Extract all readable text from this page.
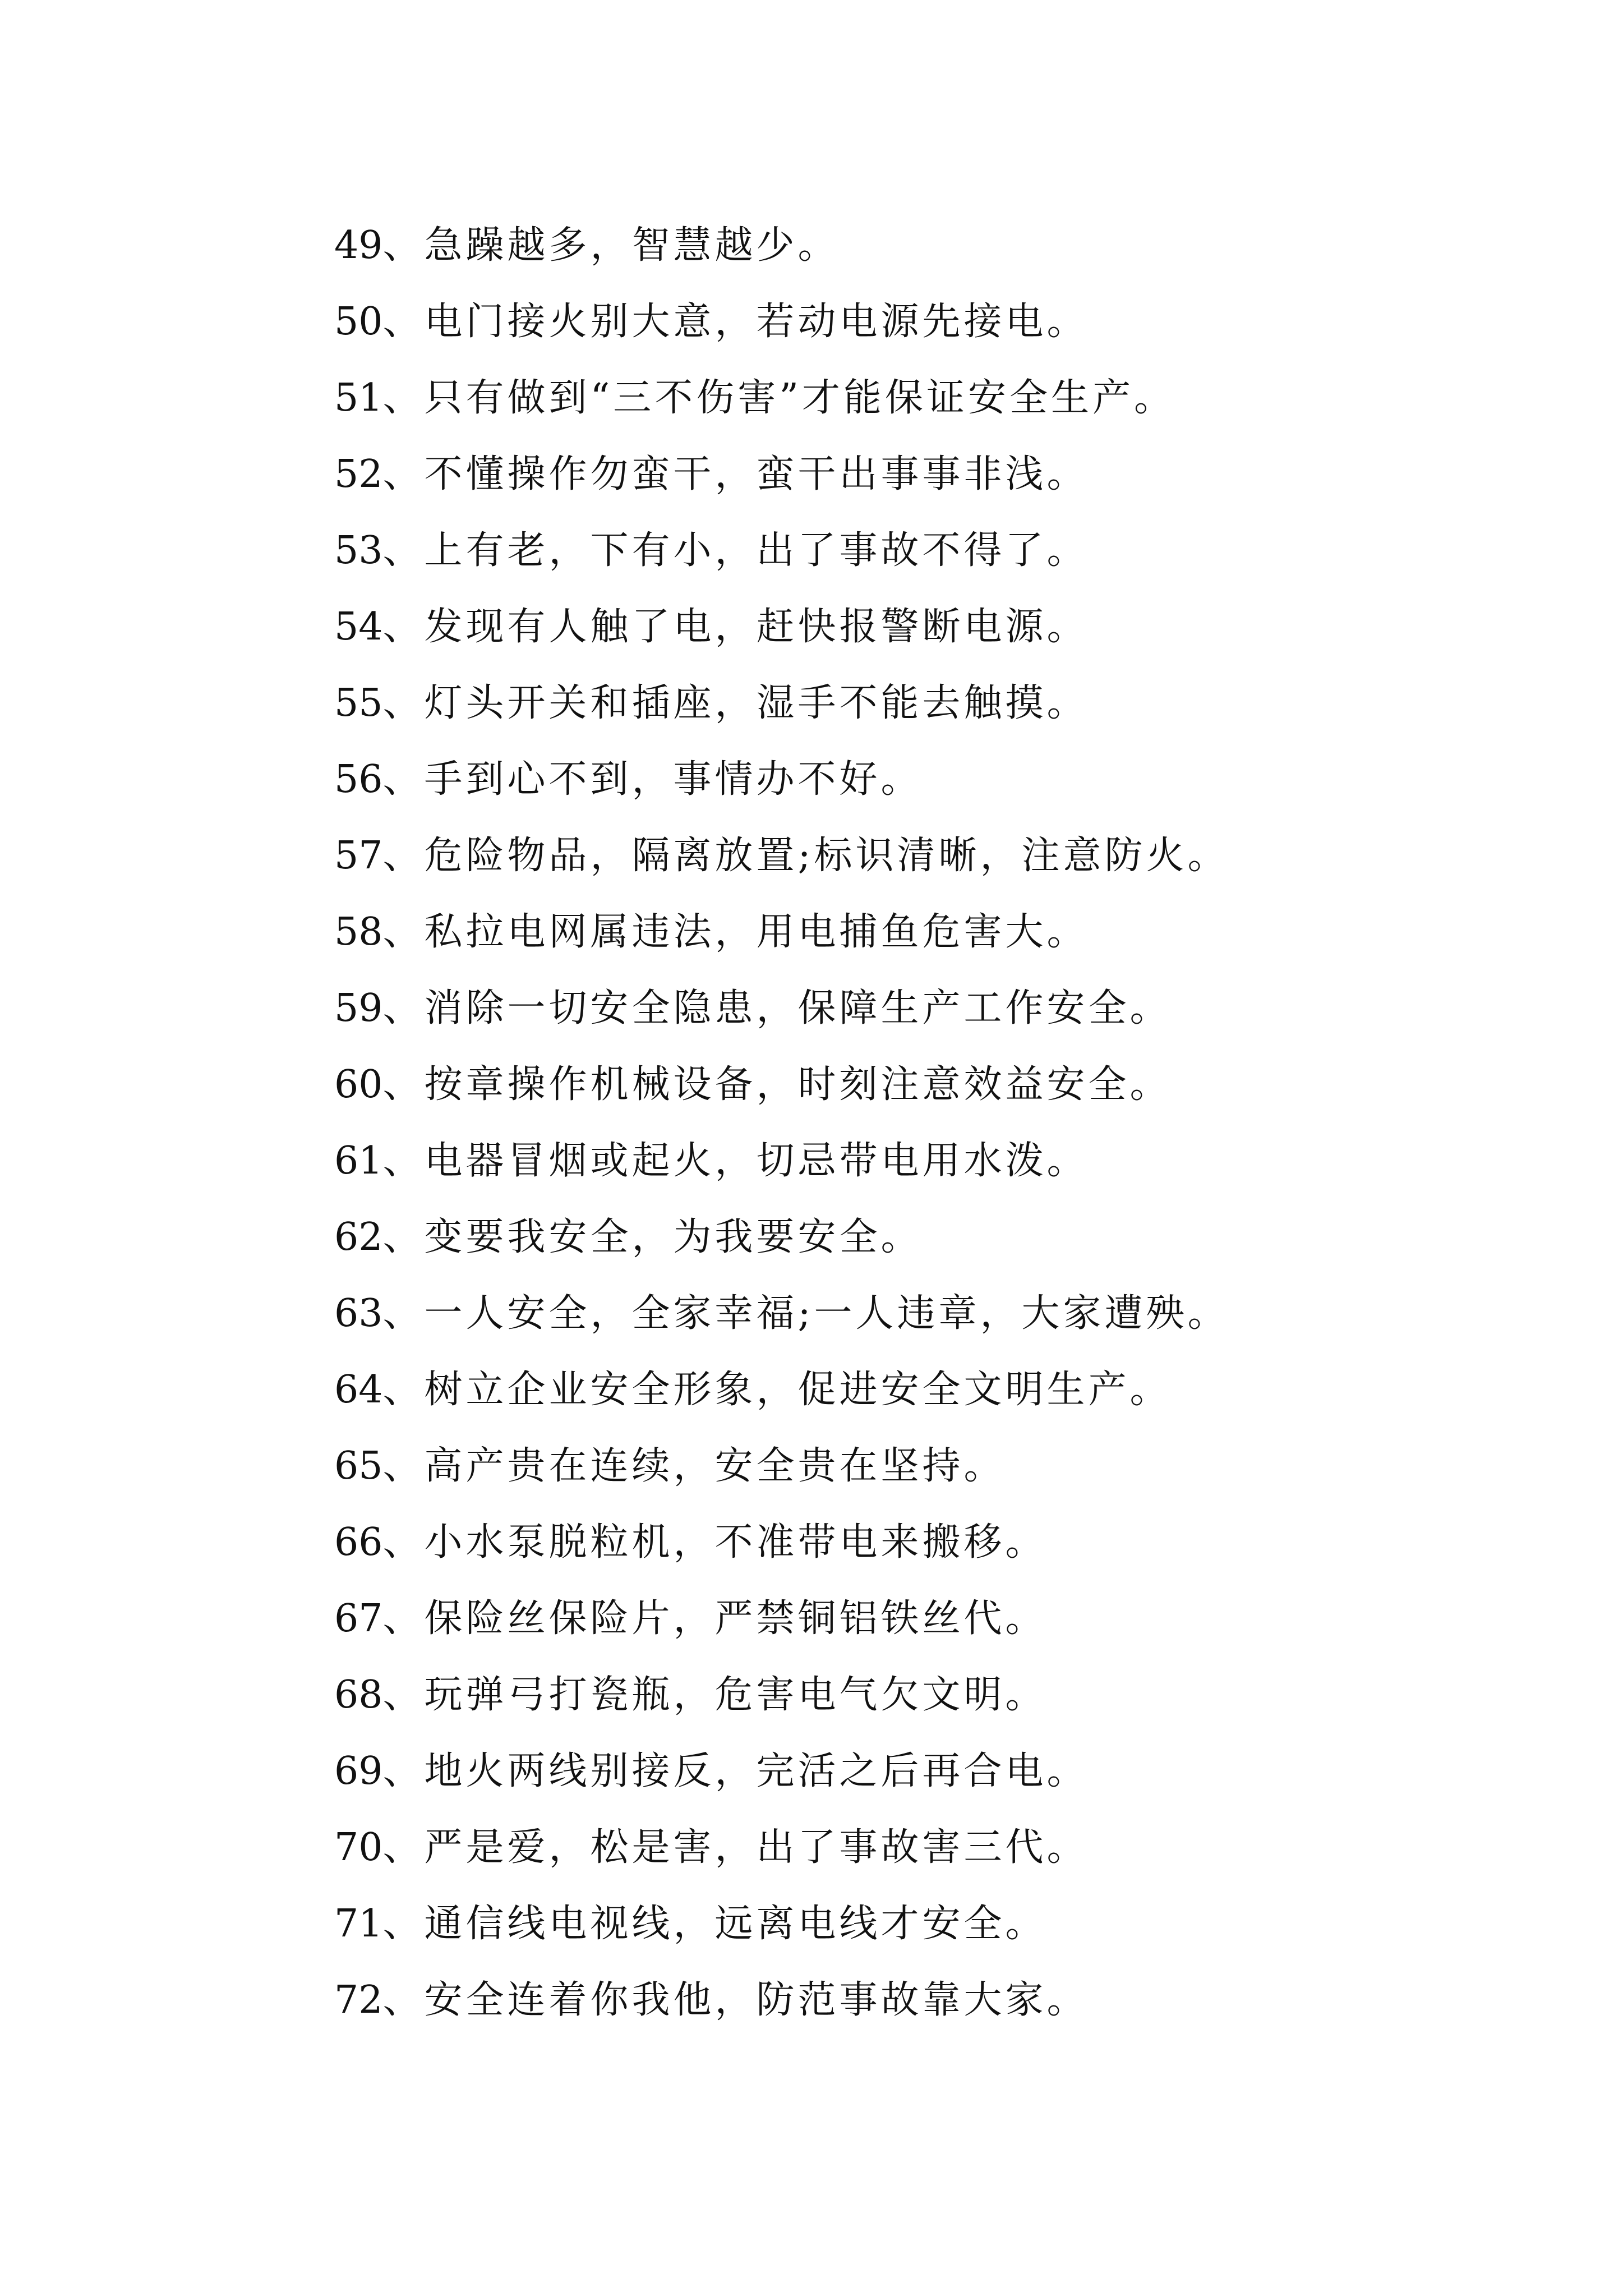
49、急躁越多，智慧越少。
50、电门接火别大意，若动电源先接电。
51、只有做到“三不伤害”才能保证安全生产。
52、不懂操作勿蛮干，蛮干出事事非浅。
53、上有老，下有小，出了事故不得了。
54、发现有人触了电，赶快报警断电源。
55、灯头开关和插座，湿手不能去触摸。
56、手到心不到，事情办不好。
57、危险物品，隔离放置;标识清晰，注意防火。
58、私拉电网属违法，用电捕鱼危害大。
59、消除一切安全隐患，保障生产工作安全。
60、按章操作机械设备，时刻注意效益安全。
61、电器冒烟或起火，切忌带电用水泼。
62、变要我安全，为我要安全。
63、一人安全，全家幸福;一人违章，大家遭殃。
64、树立企业安全形象，促进安全文明生产。
65、高产贵在连续，安全贵在坚持。
66、小水泵脱粒机，不准带电来搬移。
67、保险丝保险片，严禁铜铝铁丝代。
68、玩弹弓打瓷瓶，危害电气欠文明。
69、地火两线别接反，完活之后再合电。
70、严是爱，松是害，出了事故害三代。
71、通信线电视线，远离电线才安全。
72、安全连着你我他，防范事故靠大家。
